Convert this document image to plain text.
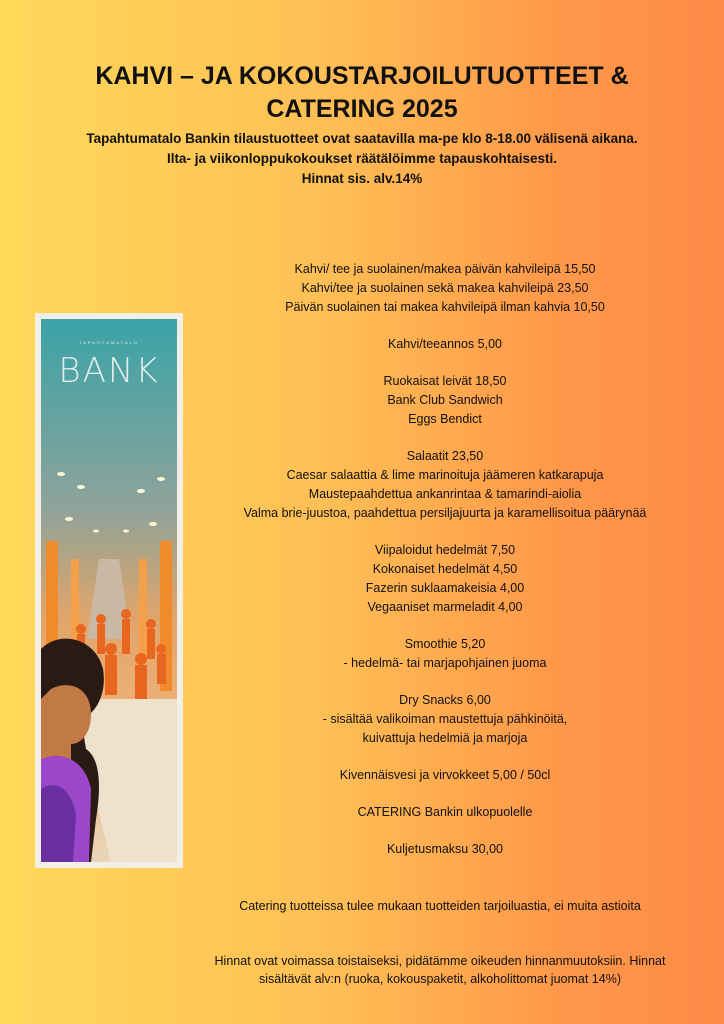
KAHVI – JA KOKOUSTARJOILUTUOTTEET &
CATERING 2025
Tapahtumatalo Bankin tilaustuotteet ovat saatavilla ma-pe klo 8-18.00 välisenä aikana.
Ilta- ja viikonloppukokoukset räätälöimme tapauskohtaisesti.
Hinnat sis. alv.14%
TAPAHTUMATALO
BANK
Kahvi/ tee ja suolainen/makea päivän kahvileipä 15,50
Kahvi/tee ja suolainen sekä makea kahvileipä 23,50
Päivän suolainen tai makea kahvileipä ilman kahvia 10,50
Kahvi/teeannos 5,00
Ruokaisat leivät 18,50
Bank Club Sandwich
Eggs Bendict
Salaatit 23,50
Caesar salaattia & lime marinoituja jäämeren katkarapuja
Maustepaahdettua ankanrintaa & tamarindi-aiolia
Valma brie-juustoa, paahdettua persiljajuurta ja karamellisoitua päärynää
Viipaloidut hedelmät 7,50
Kokonaiset hedelmät 4,50
Fazerin suklaamakeisia 4,00
Vegaaniset marmeladit 4,00
Smoothie 5,20
- hedelmä- tai marjapohjainen juoma
Dry Snacks 6,00
- sisältää valikoiman maustettuja pähkinöitä,
kuivattuja hedelmiä ja marjoja
Kivennäisvesi ja virvokkeet 5,00 / 50cl
CATERING Bankin ulkopuolelle
Kuljetusmaksu 30,00
Catering tuotteissa tulee mukaan tuotteiden tarjoiluastia, ei muita astioita
Hinnat ovat voimassa toistaiseksi, pidätämme oikeuden hinnanmuutoksiin. Hinnat sisältävät alv:n (ruoka, kokouspaketit, alkoholittomat juomat 14%)
